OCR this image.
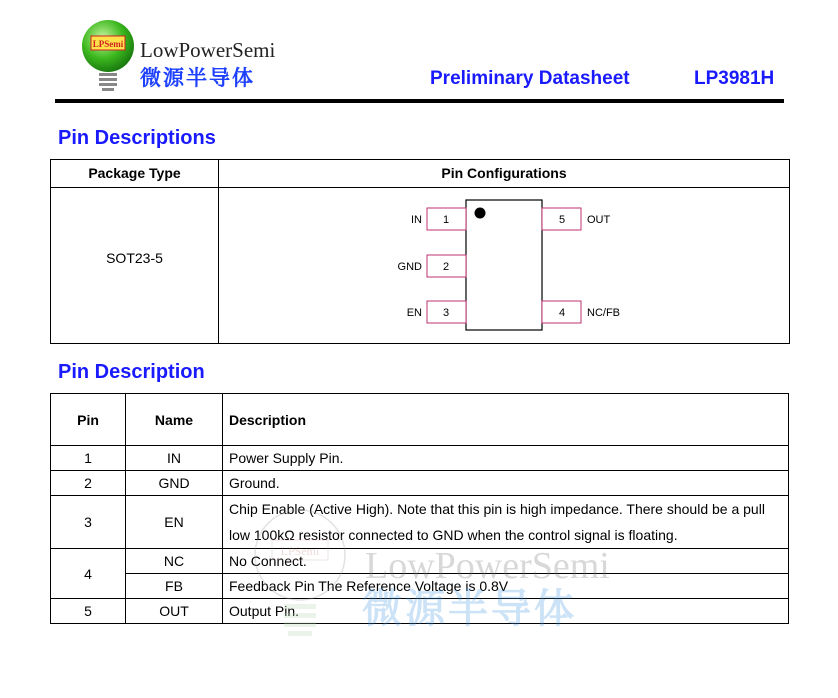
LPSemi LowPowerSemi
微源半导体	Preliminary Datasheet	LP3981H
Pin Descriptions
Package Type	Pin Configurations
SOT23-5
1
2
3
5
4
IN
GND
EN
OUT
NC/FB
Pin Description
Pin	Name	Description
1	IN	Power Supply Pin.
2	GND	Ground.
3	EN	Chip Enable (Active High). Note that this pin is high impedance. There should be a pull low 100kΩ resistor connected to GND when the control signal is floating.
4	NC	No Connect.
	FB	Feedback Pin The Reference Voltage is 0.8V
5	OUT	Output Pin.
LPSemi LowPowerSemi
微源半导体
